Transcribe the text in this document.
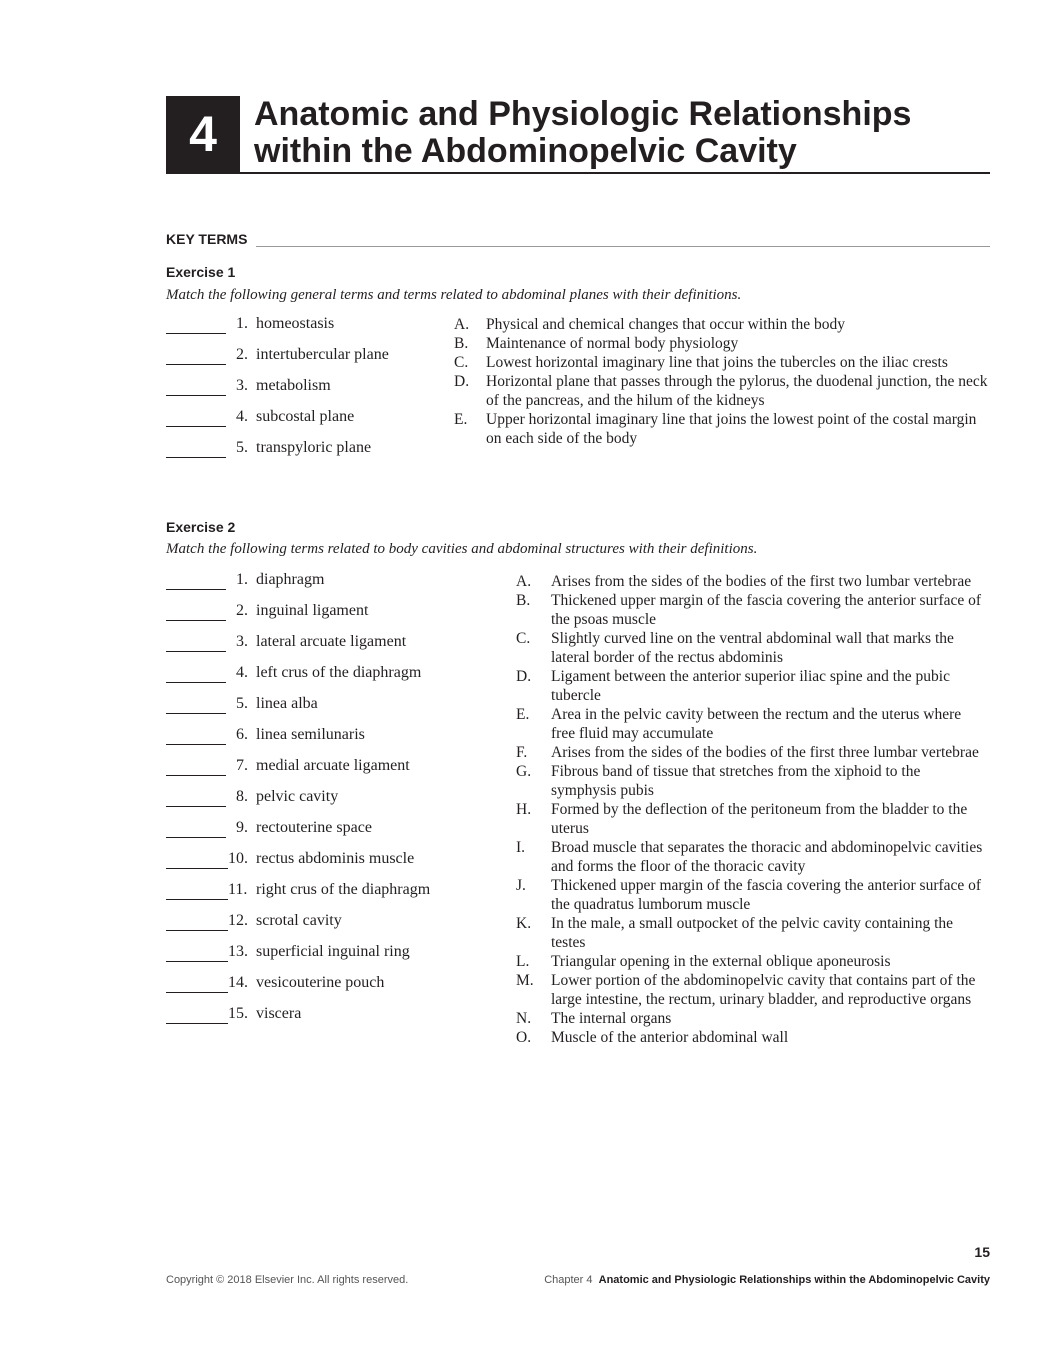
4 Anatomic and Physiologic Relationships
within the Abdominopelvic Cavity
KEY TERMS
Exercise 1

Match the following general terms and terms related to abdominal planes with their definitions.

1. homeostasis

2. intertubercular plane

3. metabolism

4. subcostal plane

5. transpyloric plane
A.	Physical and chemical changes that occur within the body
B.	Maintenance of normal body physiology
C.	Lowest horizontal imaginary line that joins the tubercles on the iliac crests
D.	Horizontal plane that passes through the pylorus, the duodenal junction, the neck of the pancreas, and the hilum of the kidneys
E.	Upper horizontal imaginary line that joins the lowest point of the costal margin on each side of the body
Exercise 2

Match the following terms related to body cavities and abdominal structures with their definitions.

1. diaphragm

2. inguinal ligament

3. lateral arcuate ligament

4. left crus of the diaphragm

5. linea alba

6. linea semilunaris

7. medial arcuate ligament

8. pelvic cavity

9. rectouterine space

10. rectus abdominis muscle

11. right crus of the diaphragm

12. scrotal cavity

13. superficial inguinal ring

14. vesicouterine pouch

15. viscera
A.	Arises from the sides of the bodies of the first two lumbar vertebrae
B.	Thickened upper margin of the fascia covering the anterior surface of the psoas muscle
C.	Slightly curved line on the ventral abdominal wall that marks the lateral border of the rectus abdominis
D.	Ligament between the anterior superior iliac spine and the pubic tubercle
E.	Area in the pelvic cavity between the rectum and the uterus where free fluid may accumulate
F.	Arises from the sides of the bodies of the first three lumbar vertebrae
G.	Fibrous band of tissue that stretches from the xiphoid to the symphysis pubis
H.	Formed by the deflection of the peritoneum from the bladder to the uterus
I.	Broad muscle that separates the thoracic and abdominopelvic cavities and forms the floor of the thoracic cavity
J.	Thickened upper margin of the fascia covering the anterior surface of the quadratus lumborum muscle
K.	In the male, a small outpocket of the pelvic cavity containing the testes
L.	Triangular opening in the external oblique aponeurosis
M.	Lower portion of the abdominopelvic cavity that contains part of the large intestine, the rectum, urinary bladder, and reproductive organs
N.	The internal organs
O.	Muscle of the anterior abdominal wall
15
Copyright © 2018 Elsevier Inc. All rights reserved.	Chapter 4 Anatomic and Physiologic Relationships within the Abdominopelvic Cavity
